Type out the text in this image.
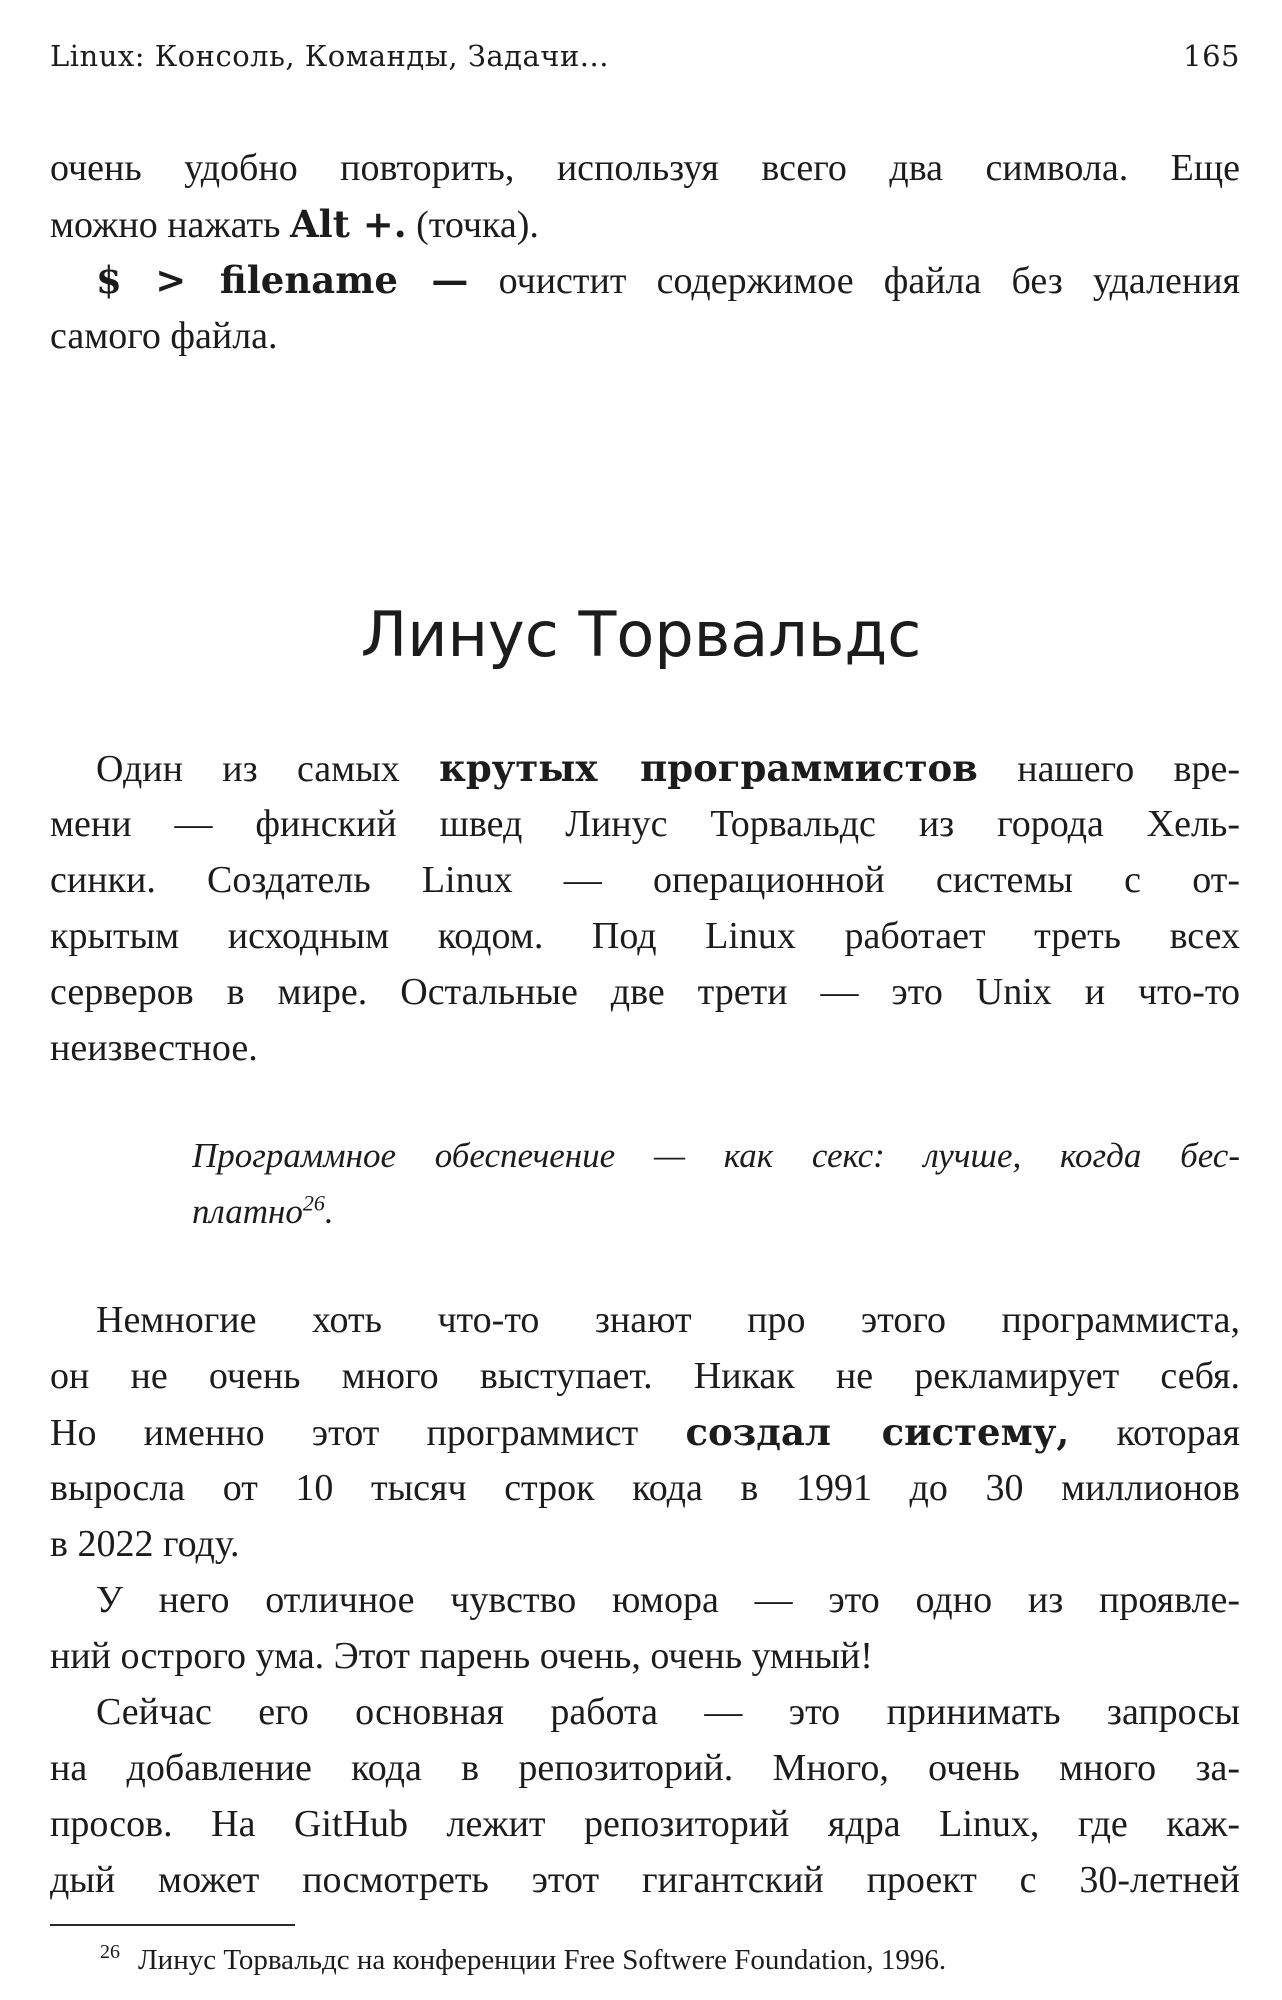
Linux: Консоль, Команды, Задачи...	165
очень удобно повторить, используя всего два символа. Еще
можно нажать Alt +. (точка).
$ > filename — очистит содержимое файла без удаления
самого файла.
Линус Торвальдс
Один из самых крутых программистов нашего вре-
мени — финский швед Линус Торвальдс из города Хель-
синки. Создатель Linux — операционной системы с от-
крытым исходным кодом. Под Linux работает треть всех
серверов в мире. Остальные две трети — это Unix и что-то
неизвестное.
Программное обеспечение — как секс: лучше, когда бес-
платно$^{26}$.
Немногие хоть что-то знают про этого программиста,
он не очень много выступает. Никак не рекламирует себя.
Но именно этот программист создал систему, которая
выросла от 10 тысяч строк кода в 1991 до 30 миллионов
в 2022 году.
У него отличное чувство юмора — это одно из проявле-
ний острого ума. Этот парень очень, очень умный!
Сейчас его основная работа — это принимать запросы
на добавление кода в репозиторий. Много, очень много за-
просов. На GitHub лежит репозиторий ядра Linux, где каж-
дый может посмотреть этот гигантский проект с 30-летней
$^{26}$ Линус Торвальдс на конференции Free Softwere Foundation, 1996.
